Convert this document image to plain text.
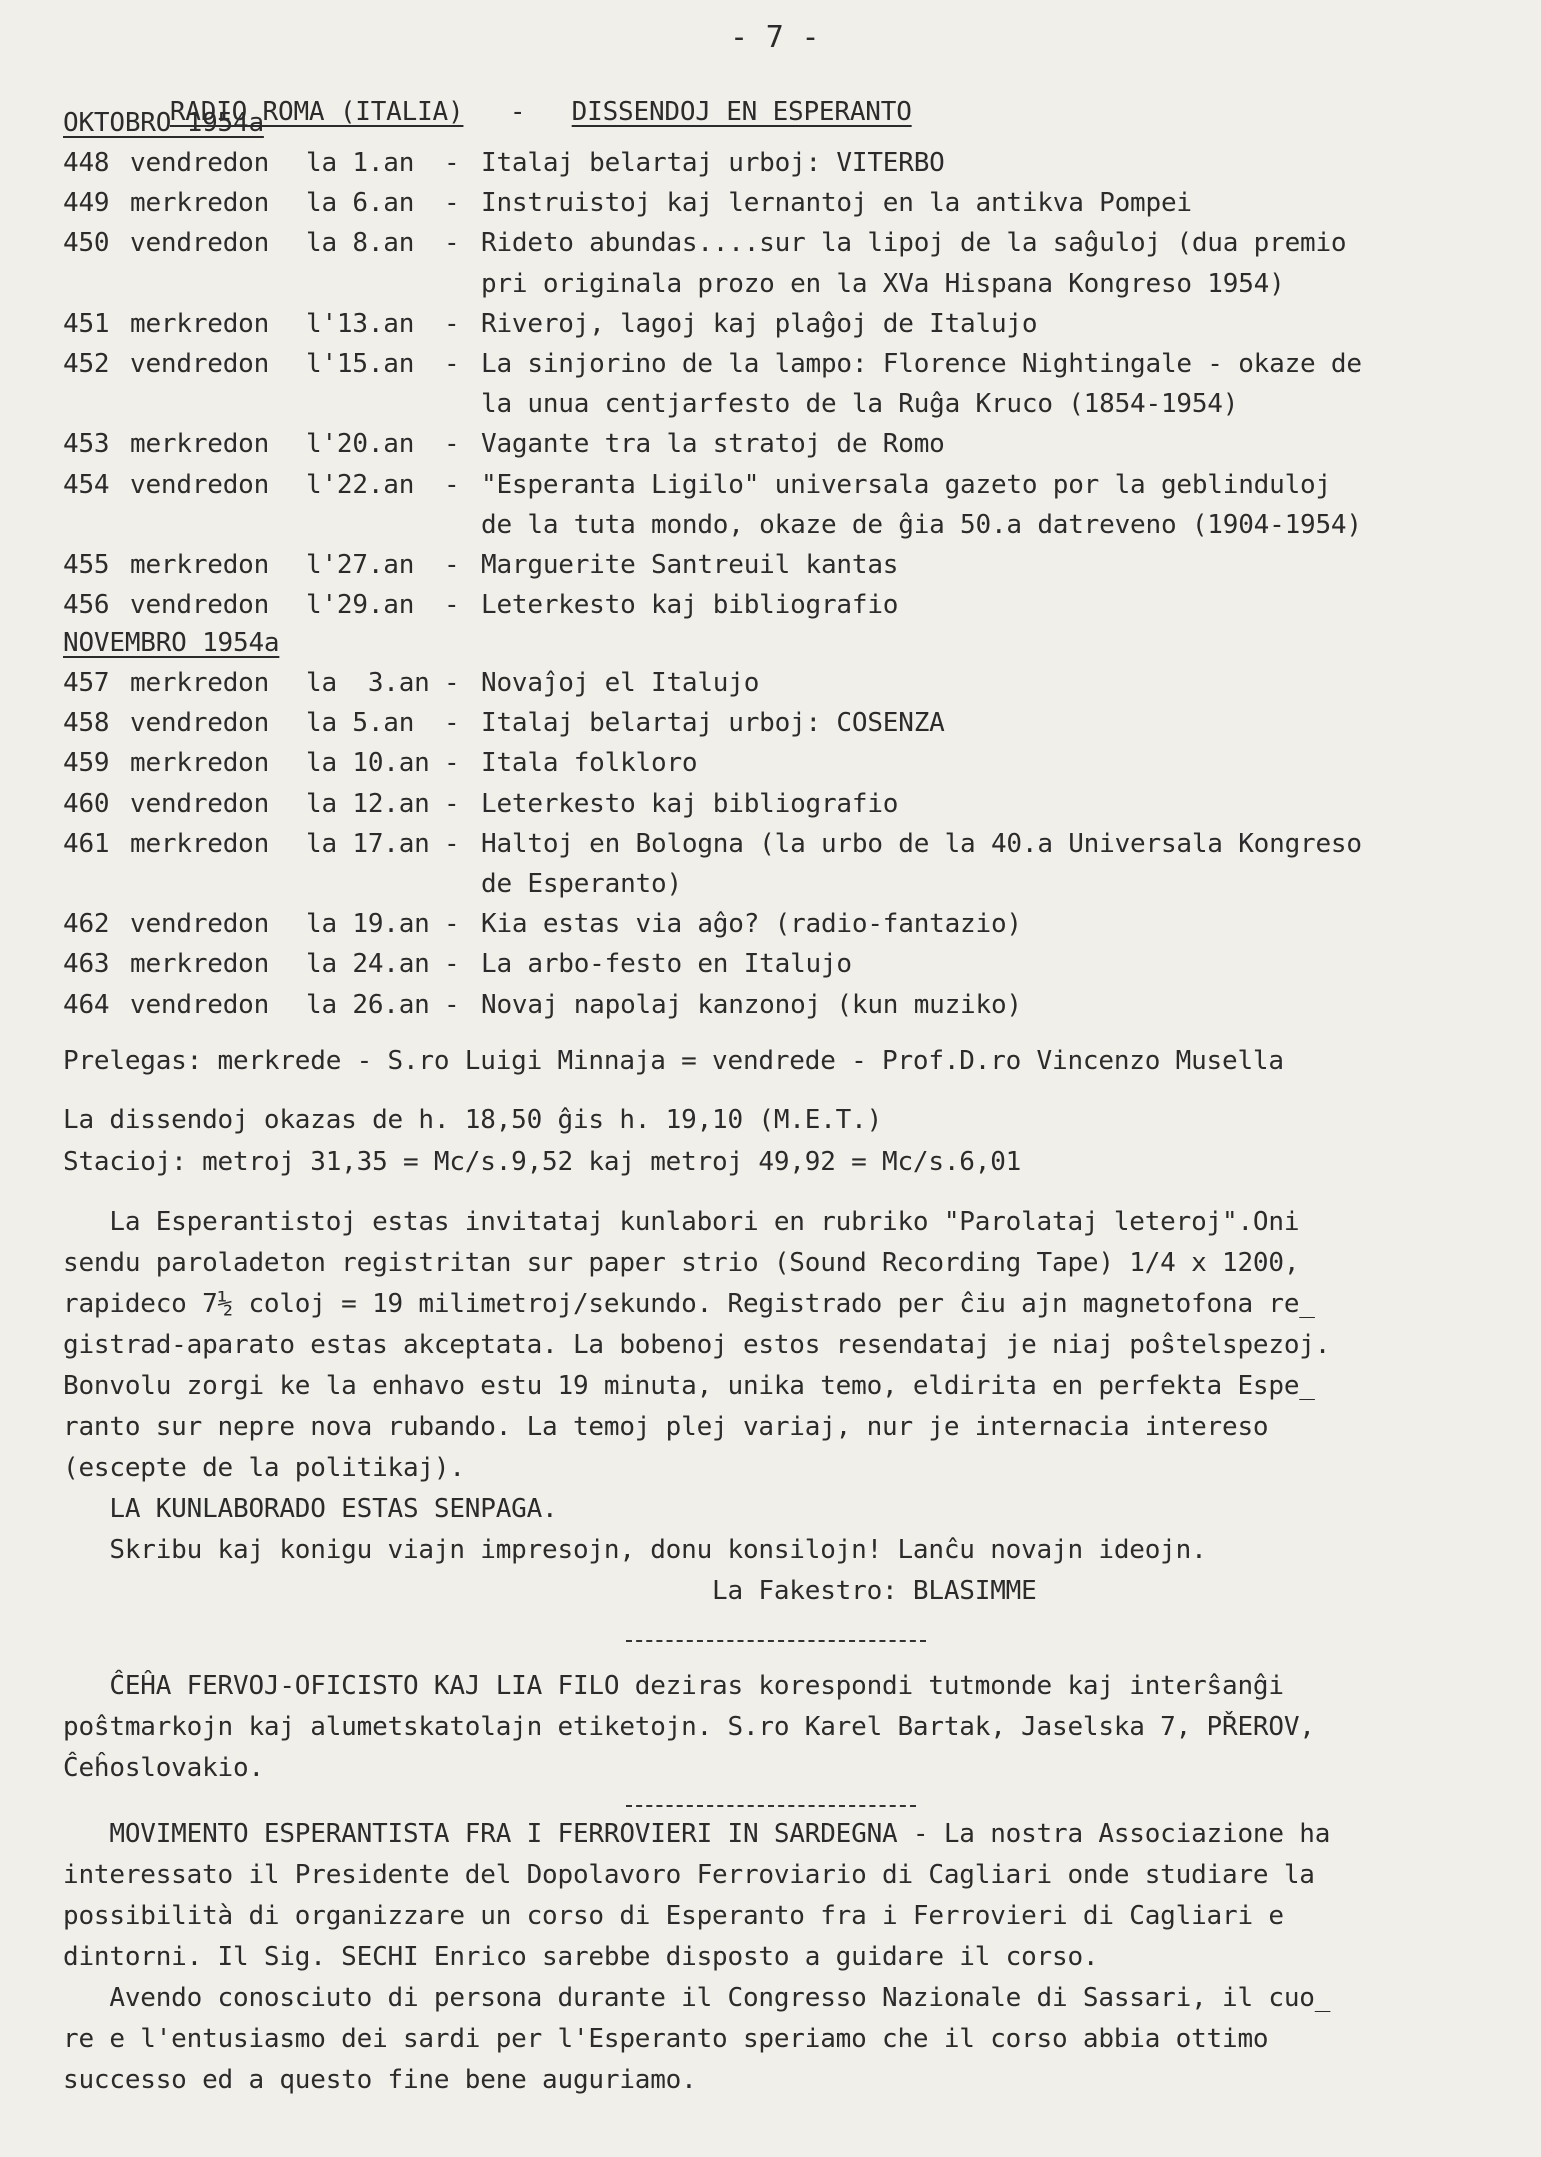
- 7 -

RADIO ROMA (ITALIA) - DISSENDOJ EN ESPERANTO

OKTOBRO 1954a
448 vendredon la 1.an - Italaj belartaj urboj: VITERBO
449 merkredon la 6.an - Instruistoj kaj lernantoj en la antikva Pompei
450 vendredon la 8.an - Rideto abundas....sur la lipoj de la saĝuloj (dua premio
pri originala prozo en la XVa Hispana Kongreso 1954)
451 merkredon l'13.an - Riveroj, lagoj kaj plaĝoj de Italujo
452 vendredon l'15.an - La sinjorino de la lampo: Florence Nightingale - okaze de
la unua centjarfesto de la Ruĝa Kruco (1854-1954)
453 merkredon l'20.an - Vagante tra la stratoj de Romo
454 vendredon l'22.an - "Esperanta Ligilo" universala gazeto por la geblinduloj
de la tuta mondo, okaze de ĝia 50.a datreveno (1904-1954)
455 merkredon l'27.an - Marguerite Santreuil kantas
456 vendredon l'29.an - Leterkesto kaj bibliografio
NOVEMBRO 1954a
457 merkredon la  3.an - Novaĵoj el Italujo
458 vendredon la 5.an - Italaj belartaj urboj: COSENZA
459 merkredon la 10.an - Itala folkloro
460 vendredon la 12.an - Leterkesto kaj bibliografio
461 merkredon la 17.an - Haltoj en Bologna (la urbo de la 40.a Universala Kongreso
de Esperanto)
462 vendredon la 19.an - Kia estas via aĝo? (radio-fantazio)
463 merkredon la 24.an - La arbo-festo en Italujo
464 vendredon la 26.an - Novaj napolaj kanzonoj (kun muziko)
Prelegas: merkrede - S.ro Luigi Minnaja = vendrede - Prof.D.ro Vincenzo Musella
La dissendoj okazas de h. 18,50 ĝis h. 19,10 (M.E.T.)
Stacioj: metroj 31,35 = Mc/s.9,52 kaj metroj 49,92 = Mc/s.6,01
La Esperantistoj estas invitataj kunlabori en rubriko "Parolataj leteroj".Oni
sendu paroladeton registritan sur paper strio (Sound Recording Tape) 1/4 x 1200,
rapideco 7½ coloj = 19 milimetroj/sekundo. Registrado per ĉiu ajn magnetofona re_
gistrad-aparato estas akceptata. La bobenoj estos resendataj je niaj poŝtelspezoj.
Bonvolu zorgi ke la enhavo estu 19 minuta, unika temo, eldirita en perfekta Espe_
ranto sur nepre nova rubando. La temoj plej variaj, nur je internacia intereso
(escepte de la politikaj).
LA KUNLABORADO ESTAS SENPAGA.
Skribu kaj konigu viajn impresojn, donu konsilojn! Lanĉu novajn ideojn.
La Fakestro: BLASIMME
ĈEĤA FERVOJ-OFICISTO KAJ LIA FILO deziras korespondi tutmonde kaj interŝanĝi
poŝtmarkojn kaj alumetskatolajn etiketojn. S.ro Karel Bartak, Jaselska 7, PŘEROV,
Ĉeĥoslovakio.
MOVIMENTO ESPERANTISTA FRA I FERROVIERI IN SARDEGNA - La nostra Associazione ha
interessato il Presidente del Dopolavoro Ferroviario di Cagliari onde studiare la
possibilità di organizzare un corso di Esperanto fra i Ferrovieri di Cagliari e
dintorni. Il Sig. SECHI Enrico sarebbe disposto a guidare il corso.
Avendo conosciuto di persona durante il Congresso Nazionale di Sassari, il cuo_
re e l'entusiasmo dei sardi per l'Esperanto speriamo che il corso abbia ottimo
successo ed a questo fine bene auguriamo.
